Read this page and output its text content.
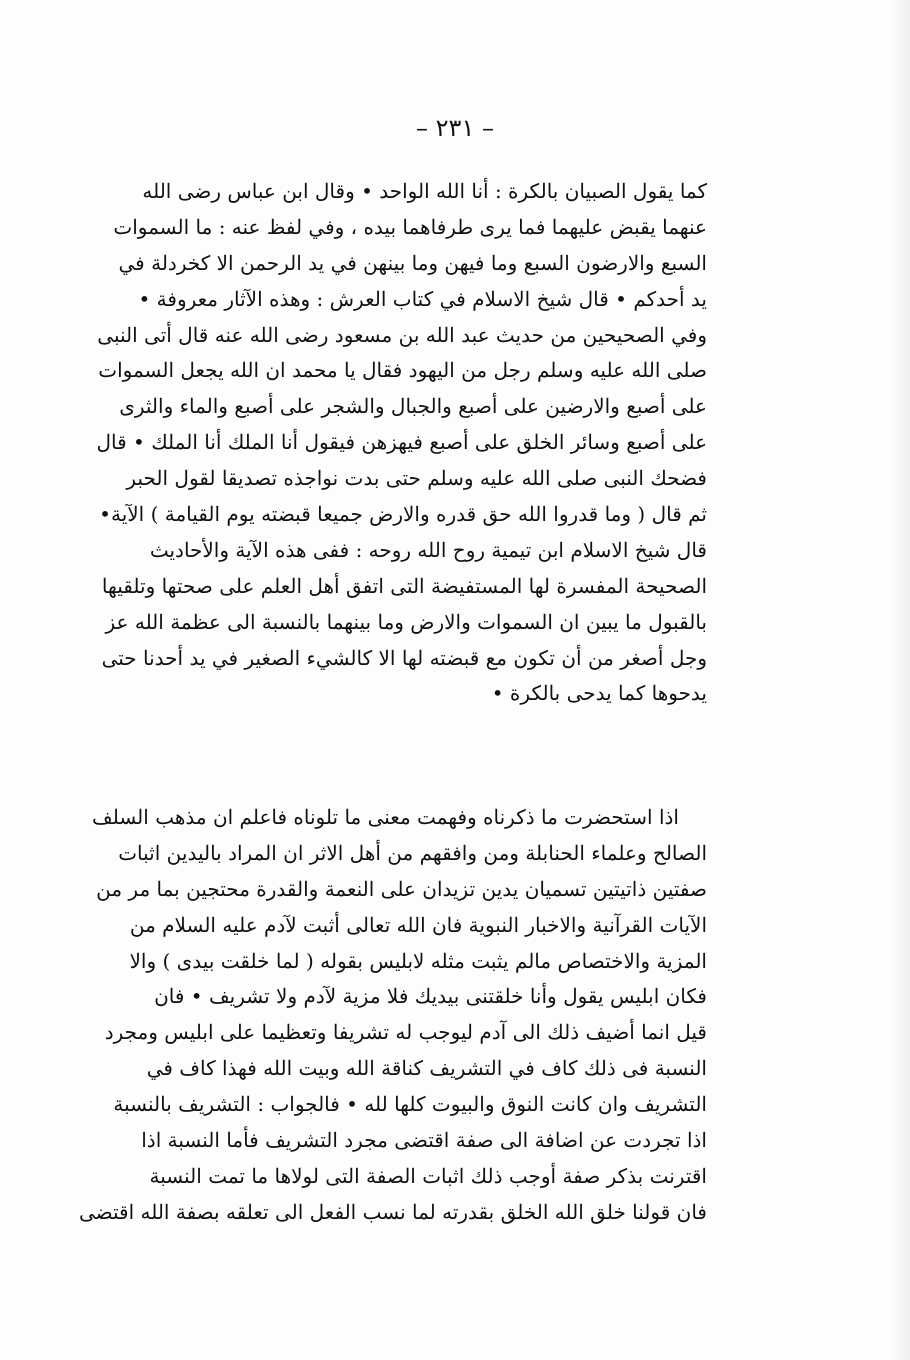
– ٢٣١ –
كما يقول الصبيان بالكرة : أنا الله الواحد • وقال ابن عباس رضى الله
عنهما يقبض عليهما فما يرى طرفاهما بيده ، وفي لفظ عنه : ما السموات
السبع والارضون السبع وما فيهن وما بينهن في يد الرحمن الا كخردلة في
يد أحدكم • قال شيخ الاسلام في كتاب العرش : وهذه الآثار معروفة •
وفي الصحيحين من حديث عبد الله بن مسعود رضى الله عنه قال أتى النبى
صلى الله عليه وسلم رجل من اليهود فقال يا محمد ان الله يجعل السموات
على أصبع والارضين على أصبع والجبال والشجر على أصبع والماء والثرى
على أصبع وسائر الخلق على أصبع فيهزهن فيقول أنا الملك أنا الملك • قال
فضحك النبى صلى الله عليه وسلم حتى بدت نواجذه تصديقا لقول الحبر
ثم قال ( وما قدروا الله حق قدره والارض جميعا قبضته يوم القيامة ) الآية•
قال شيخ الاسلام ابن تيمية روح الله روحه : ففى هذه الآية والأحاديث
الصحيحة المفسرة لها المستفيضة التى اتفق أهل العلم على صحتها وتلقيها
بالقبول ما يبين ان السموات والارض وما بينهما بالنسبة الى عظمة الله عز
وجل أصغر من أن تكون مع قبضته لها الا كالشيء الصغير في يد أحدنا حتى
يدحوها كما يدحى بالكرة •
اذا استحضرت ما ذكرناه وفهمت معنى ما تلوناه فاعلم ان مذهب السلف
الصالح وعلماء الحنابلة ومن وافقهم من أهل الاثر ان المراد باليدين اثبات
صفتين ذاتيتين تسميان يدين تزيدان على النعمة والقدرة محتجين بما مر من
الآيات القرآنية والاخبار النبوية فان الله تعالى أثبت لآدم عليه السلام من
المزية والاختصاص مالم يثبت مثله لابليس بقوله ( لما خلقت بيدى ) والا
فكان ابليس يقول وأنا خلقتنى بيديك فلا مزية لآدم ولا تشريف • فان
قيل انما أضيف ذلك الى آدم ليوجب له تشريفا وتعظيما على ابليس ومجرد
النسبة فى ذلك كاف في التشريف كناقة الله وبيت الله فهذا كاف في
التشريف وان كانت النوق والبيوت كلها لله • فالجواب : التشريف بالنسبة
اذا تجردت عن اضافة الى صفة اقتضى مجرد التشريف فأما النسبة اذا
اقترنت بذكر صفة أوجب ذلك اثبات الصفة التى لولاها ما تمت النسبة
فان قولنا خلق الله الخلق بقدرته لما نسب الفعل الى تعلقه بصفة الله اقتضى
